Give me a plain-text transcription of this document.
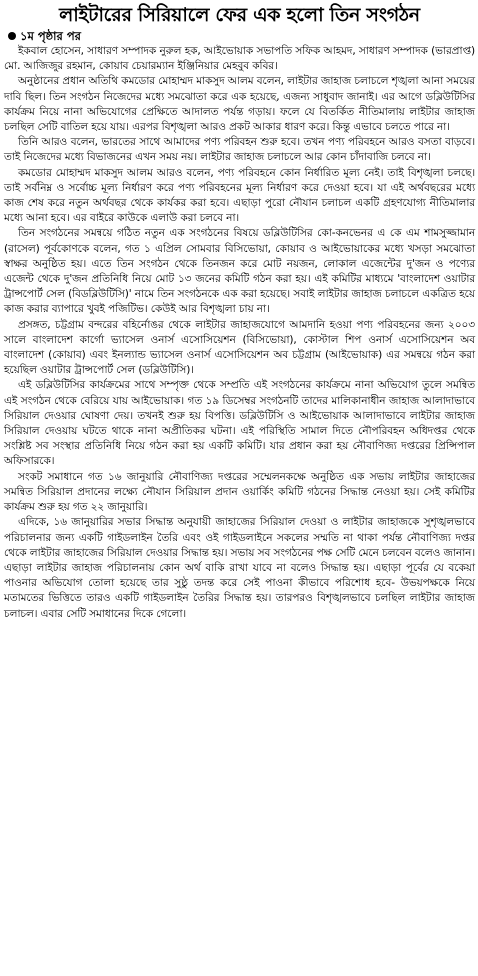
লাইটারের সিরিয়ালে ফের এক হলো তিন সংগঠন
১ম পৃষ্ঠার পর

ইকবাল হোসেন, সাধারণ সম্পাদক নুরুল হক, আইভোয়াক সভাপতি সফিক আহমদ, সাধারণ সম্পাদক (ভারপ্রাপ্ত) মো. আজিজুর রহমান, কোয়াব চেয়ারম্যান ইঞ্জিনিয়ার মেহবুব কবির।

অনুষ্ঠানের প্রধান অতিথি কমডোর মোহাম্মদ মাকসুদ আলম বলেন, লাইটার জাহাজ চলাচলে শৃঙ্খলা আনা সময়ের দাবি ছিল। তিন সংগঠন নিজেদের মধ্যে সমঝোতা করে এক হয়েছে, এজন্য সাধুবাদ জানাই। এর আগে ডব্লিউটিসির কার্যক্রম নিয়ে নানা অভিযোগের প্রেক্ষিতে আদালত পর্যন্ত গড়ায়। ফলে যে বিতর্কিত নীতিমালায় লাইটার জাহাজ চলছিল সেটি বাতিল হয়ে যায়। এরপর বিশৃঙ্খলা আরও প্রকট আকার ধারণ করে। কিন্তু এভাবে চলতে পারে না।

তিনি আরও বলেন, ভারতের সাথে আমাদের পণ্য পরিবহন শুরু হবে। তখন পণ্য পরিবহনে আরও বসতা বাড়বে। তাই নিজেদের মধ্যে বিভাজনের এখন সময় নয়। লাইটার জাহাজ চলাচলে আর কোন চাঁদাবাজি চলবে না।

কমডোর মোহাম্মদ মাকসুদ আলম আরও বলেন, পণ্য পরিবহনে কোন নির্ধারিত মূল্য নেই। তাই বিশৃঙ্খলা চলছে। তাই সর্বনিম্ন ও সর্বোচ্চ মূল্য নির্ধারণ করে পণ্য পরিবহনের মূল্য নির্ধারণ করে দেওয়া হবে। যা এই অর্থবছরের মধ্যে কাজ শেষ করে নতুন অর্থবছর থেকে কার্যকর করা হবে। এছাড়া পুরো নৌযান চলাচল একটি গ্রহণযোগ্য নীতিমালার মধ্যে আনা হবে। এর বাইরে কাউকে এলাউ করা চলবে না।

তিন সংগঠনের সমন্বয়ে গঠিত নতুন এক সংগঠনের বিষয়ে ডব্লিউটিসির কো-কনভেনর এ কে এম শামসুজ্জামান (রাসেল) পূর্বকোণকে বলেন, গত ১ এপ্রিল সোমবার বিসিভোয়া, কোয়াব ও আইভোয়াকের মধ্যে খসড়া সমঝোতা স্বাক্ষর অনুষ্ঠিত হয়। এতে তিন সংগঠন থেকে তিনজন করে মোট নয়জন, লোকাল এজেন্টের দু'জন ও পণ্যের এজেন্ট থেকে দু'জন প্রতিনিধি নিয়ে মোট ১৩ জনের কমিটি গঠন করা হয়। এই কমিটির মাধ্যমে 'বাংলাদেশ ওয়াটার ট্রান্সপোর্ট সেল (বিডব্লিউটিসি)' নামে তিন সংগঠনকে এক করা হয়েছে। সবাই লাইটার জাহাজ চলাচলে একত্রিত হয়ে কাজ করার ব্যাপারে খুবই পজিটিভ। কেউই আর বিশৃঙ্খলা চায় না।

প্রসঙ্গত, চট্টগ্রাম বন্দরের বহির্নোঙর থেকে লাইটার জাহাজযোগে আমদানি হওয়া পণ্য পরিবহনের জন্য ২০০৩ সালে বাংলাদেশ কার্গো ভ্যাসেল ওনার্স এসোসিয়েশন (বিসিভোয়া), কোস্টাল শিপ ওনার্স এসোসিয়েশন অব বাংলাদেশ (কোয়াব) এবং ইনল্যান্ড ভ্যাসেল ওনার্স এসোসিয়েশন অব চট্টগ্রাম (আইভোয়াক) এর সমন্বয়ে গঠন করা হয়েছিল ওয়াটার ট্রান্সপোর্ট সেল (ডব্লিউটিসি)।

এই ডব্লিউটিসির কার্যক্রমের সাথে সম্পৃক্ত থেকে সম্প্রতি এই সংগঠনের কার্যক্রমে নানা অভিযোগ তুলে সমন্বিত এই সংগঠন থেকে বেরিয়ে যায় আইভোয়াক। গত ১৯ ডিসেম্বর সংগঠনটি তাদের মালিকানাধীন জাহাজ আলাদাভাবে সিরিয়াল দেওয়ার ঘোষণা দেয়। তখনই শুরু হয় বিপত্তি। ডব্লিউটিসি ও আইভোয়াক আলাদাভাবে লাইটার জাহাজ সিরিয়াল দেওয়ায় ঘটতে থাকে নানা অপ্রীতিকর ঘটনা। এই পরিস্থিতি সামাল দিতে নৌপরিবহন অধিদপ্তর থেকে সংশ্লিষ্ট সব সংস্থার প্রতিনিধি নিয়ে গঠন করা হয় একটি কমিটি। যার প্রধান করা হয় নৌবাণিজ্য দপ্তরের প্রিন্সিপাল অফিসারকে।

সংকট সমাধানে গত ১৬ জানুয়ারি নৌবাণিজ্য দপ্তরের সম্মেলনকক্ষে অনুষ্ঠিত এক সভায় লাইটার জাহাজের সমন্বিত সিরিয়াল প্রদানের লক্ষ্যে নৌযান সিরিয়াল প্রদান ওয়ার্কিং কমিটি গঠনের সিদ্ধান্ত নেওয়া হয়। সেই কমিটির কার্যক্রম শুরু হয় গত ২২ জানুয়ারি।

এদিকে, ১৬ জানুয়ারির সভার সিদ্ধান্ত অনুযায়ী জাহাজের সিরিয়াল দেওয়া ও লাইটার জাহাজকে সুশৃঙ্খলভাবে পরিচালনার জন্য একটি গাইডলাইন তৈরি এবং ওই গাইডলাইনে সকলের সম্মতি না থাকা পর্যন্ত নৌবাণিজ্য দপ্তর থেকে লাইটার জাহাজের সিরিয়াল দেওয়ার সিদ্ধান্ত হয়। সভায় সব সংগঠনের পক্ষ সেটি মেনে চলবেন বলেও জানান। এছাড়া লাইটার জাহাজ পরিচালনায় কোন অর্থ বাকি রাখা যাবে না বলেও সিদ্ধান্ত হয়। এছাড়া পূর্বের যে বকেয়া পাওনার অভিযোগ তোলা হয়েছে তার সুষ্ঠু তদন্ত করে সেই পাওনা কীভাবে পরিশোধ হবে- উভয়পক্ষকে নিয়ে মতামতের ভিত্তিতে তারও একটি গাইডলাইন তৈরির সিদ্ধান্ত হয়। তারপরও বিশৃঙ্খলভাবে চলছিল লাইটার জাহাজ চলাচল। এবার সেটি সমাধানের দিকে গেলো।
